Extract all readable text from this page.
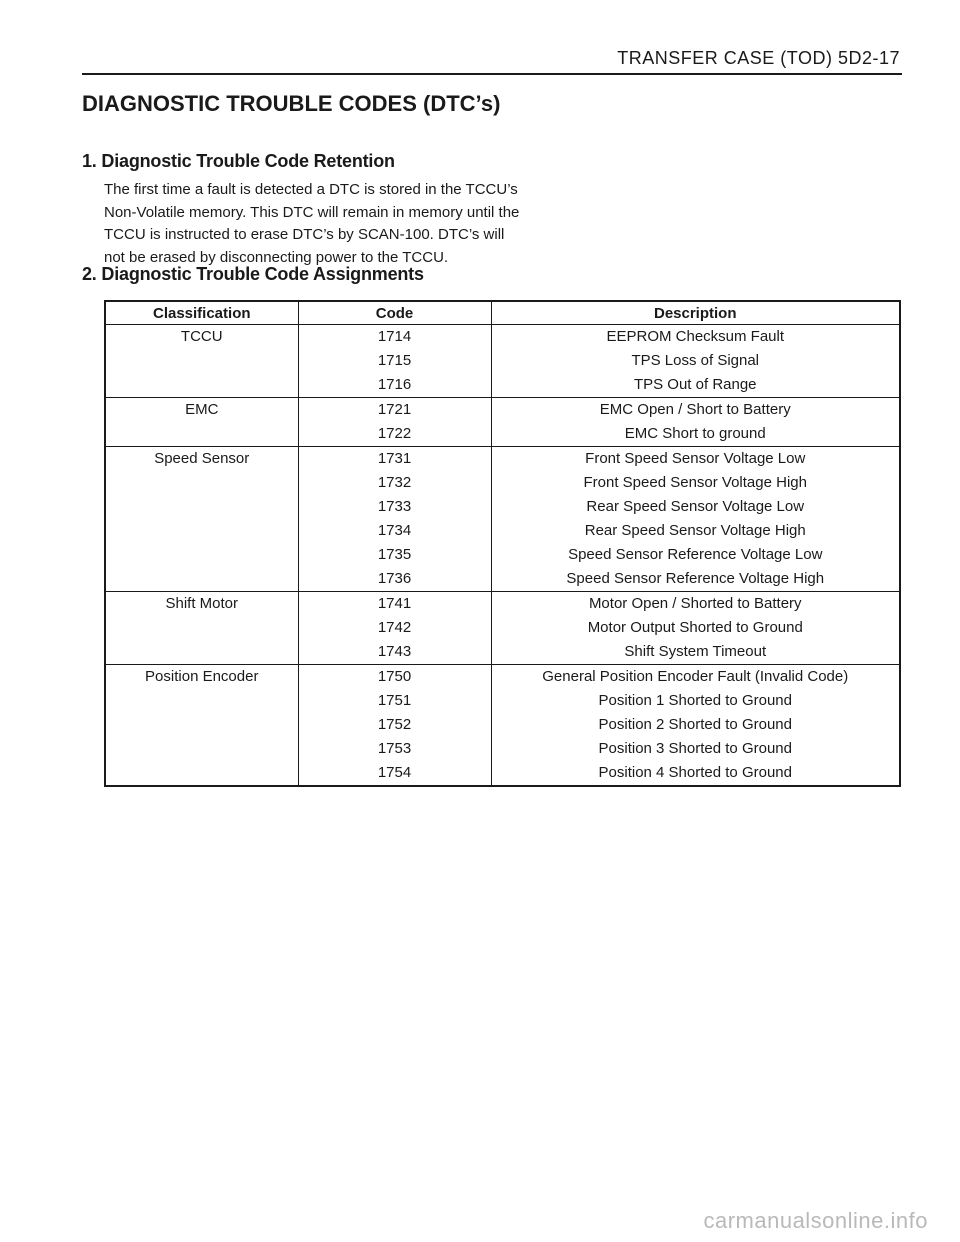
TRANSFER CASE (TOD) 5D2-17
DIAGNOSTIC TROUBLE CODES (DTC’s)
1. Diagnostic Trouble Code Retention
The first time a fault is detected a DTC is stored in the TCCU’s Non-Volatile memory. This DTC will remain in memory until the TCCU is instructed to erase DTC’s by SCAN-100. DTC’s will not be erased by disconnecting power to the TCCU.
2. Diagnostic Trouble Code Assignments
Classification	Code	Description
TCCU	1714	EEPROM Checksum Fault
	1715	TPS Loss of Signal
	1716	TPS Out of Range
EMC	1721	EMC Open / Short to Battery
	1722	EMC Short to ground
Speed Sensor	1731	Front Speed Sensor Voltage Low
	1732	Front Speed Sensor Voltage High
	1733	Rear Speed Sensor Voltage Low
	1734	Rear Speed Sensor Voltage High
	1735	Speed Sensor Reference Voltage Low
	1736	Speed Sensor Reference Voltage High
Shift Motor	1741	Motor Open / Shorted to Battery
	1742	Motor Output Shorted to Ground
	1743	Shift System Timeout
Position Encoder	1750	General Position Encoder Fault (Invalid Code)
	1751	Position 1 Shorted to Ground
	1752	Position 2 Shorted to Ground
	1753	Position 3 Shorted to Ground
	1754	Position 4 Shorted to Ground
carmanualsonline.info
